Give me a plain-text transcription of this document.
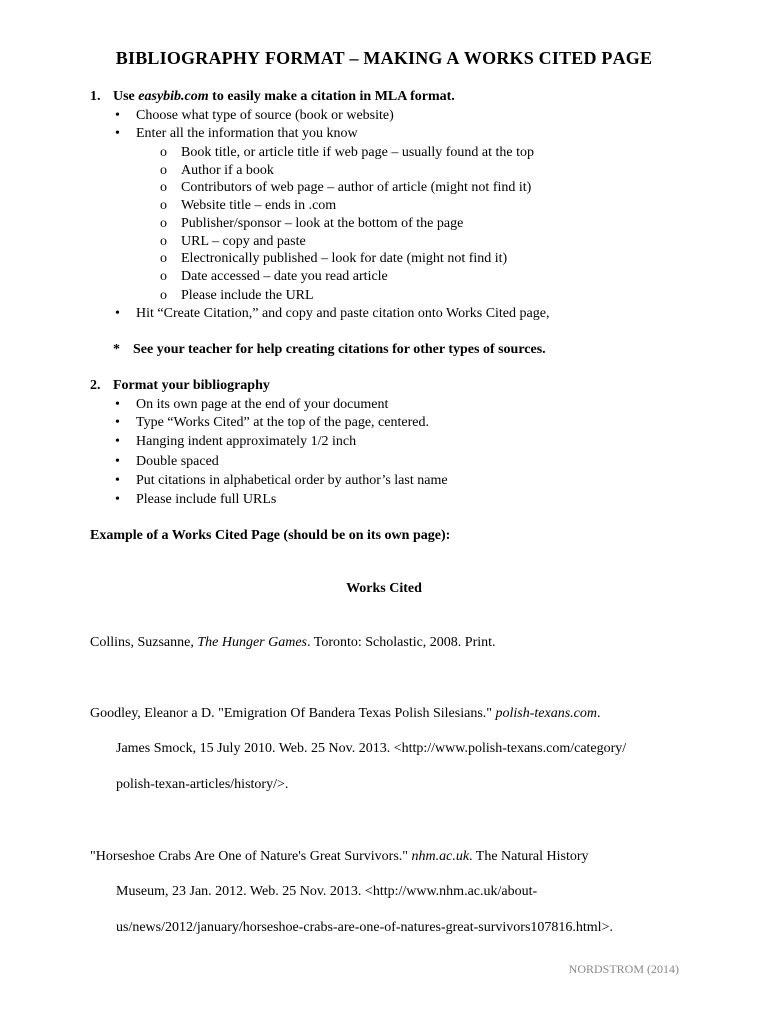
BIBLIOGRAPHY FORMAT – MAKING A WORKS CITED PAGE
1. Use easybib.com to easily make a citation in MLA format.
• Choose what type of source (book or website)
• Enter all the information that you know
o Book title, or article title if web page – usually found at the top
o Author if a book
o Contributors of web page – author of article (might not find it)
o Website title – ends in .com
o Publisher/sponsor – look at the bottom of the page
o URL – copy and paste
o Electronically published – look for date (might not find it)
o Date accessed – date you read article
o Please include the URL
• Hit “Create Citation,” and copy and paste citation onto Works Cited page,
* See your teacher for help creating citations for other types of sources.
2. Format your bibliography
• On its own page at the end of your document
• Type “Works Cited” at the top of the page, centered.
• Hanging indent approximately 1/2 inch
• Double spaced
• Put citations in alphabetical order by author’s last name
• Please include full URLs
Example of a Works Cited Page (should be on its own page):
Works Cited
Collins, Suzsanne, The Hunger Games. Toronto: Scholastic, 2008. Print.
Goodley, Eleanor a D. "Emigration Of Bandera Texas Polish Silesians." polish-texans.com.
James Smock, 15 July 2010. Web. 25 Nov. 2013. <http://www.polish-texans.com/category/
polish-texan-articles/history/>.
"Horseshoe Crabs Are One of Nature's Great Survivors." nhm.ac.uk. The Natural History
Museum, 23 Jan. 2012. Web. 25 Nov. 2013. <http://www.nhm.ac.uk/about-
us/news/2012/january/horseshoe-crabs-are-one-of-natures-great-survivors107816.html>.
NORDSTROM (2014)
